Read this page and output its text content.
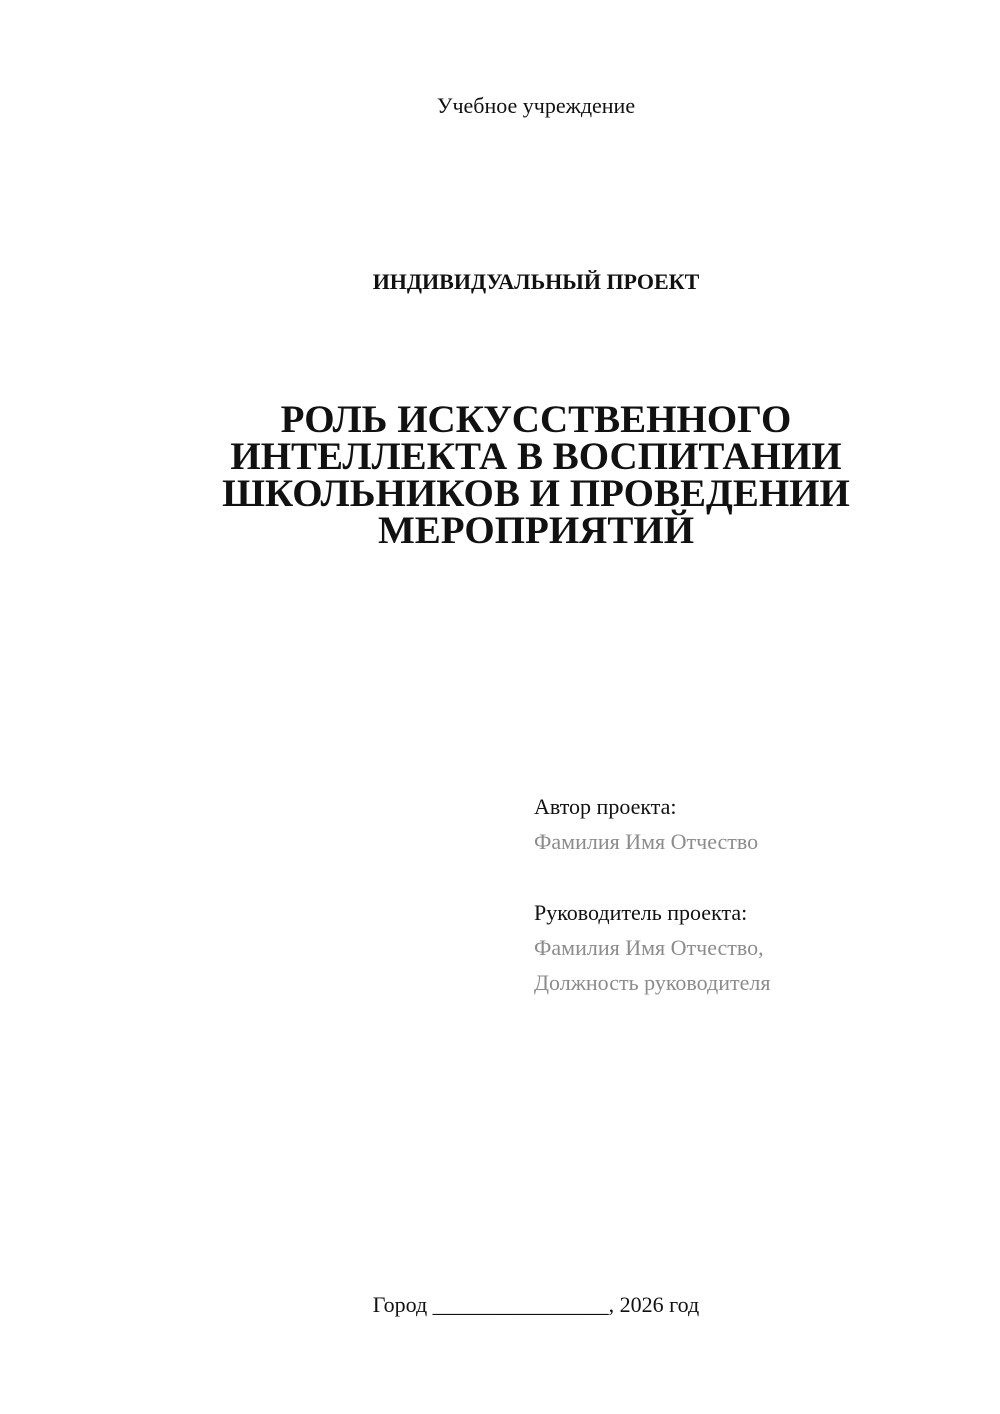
Учебное учреждение
ИНДИВИДУАЛЬНЫЙ ПРОЕКТ
РОЛЬ ИСКУССТВЕННОГО
ИНТЕЛЛЕКТА В ВОСПИТАНИИ
ШКОЛЬНИКОВ И ПРОВЕДЕНИИ
МЕРОПРИЯТИЙ
Автор проекта:
Фамилия Имя Отчество
Руководитель проекта:
Фамилия Имя Отчество,
Должность руководителя
Город ________________, 2026 год
